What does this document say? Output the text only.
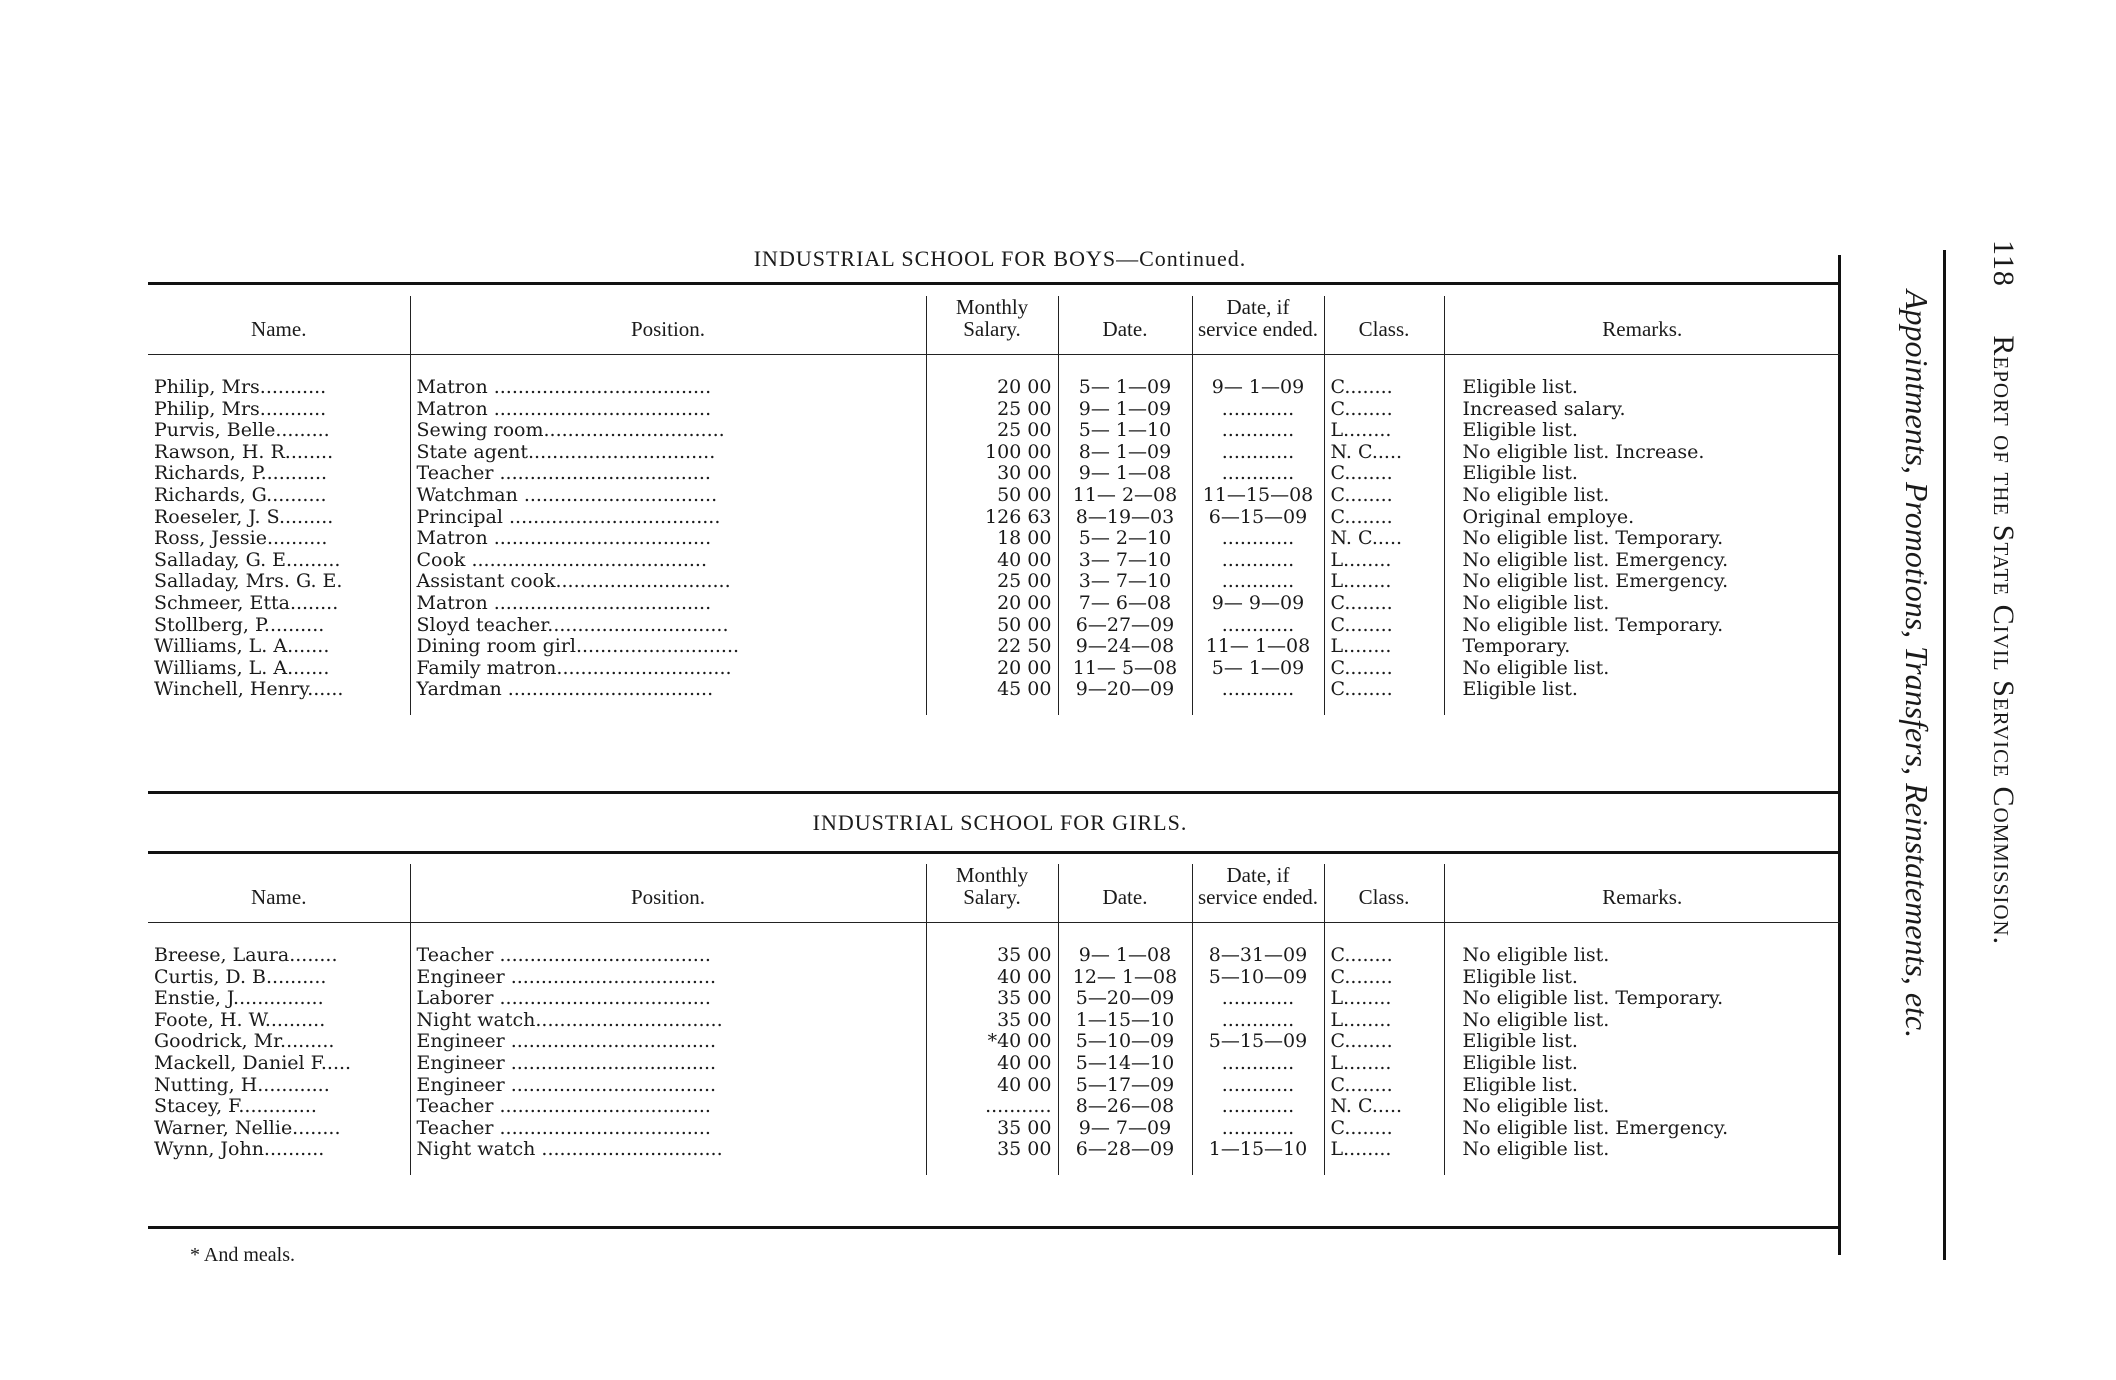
118 Report of the State Civil Service Commission.
Appointments, Promotions, Transfers, Reinstatements, etc.
INDUSTRIAL SCHOOL FOR BOYS—Continued.
Name.	Position.	Monthly Salary.	Date.	Date, if service ended.	Class.	Remarks.
Philip, Mrs...........	Matron ....................................	20 00	5— 1—09	9— 1—09	C........	Eligible list.
Philip, Mrs...........	Matron ....................................	25 00	9— 1—09	............	C........	Increased salary.
Purvis, Belle.........	Sewing room..............................	25 00	5— 1—10	............	L........	Eligible list.
Rawson, H. R........	State agent...............................	100 00	8— 1—09	............	N. C.....	No eligible list. Increase.
Richards, P...........	Teacher ...................................	30 00	9— 1—08	............	C........	Eligible list.
Richards, G..........	Watchman ................................	50 00	11— 2—08	11—15—08	C........	No eligible list.
Roeseler, J. S.........	Principal ...................................	126 63	8—19—03	6—15—09	C........	Original employe.
Ross, Jessie..........	Matron ....................................	18 00	5— 2—10	............	N. C.....	No eligible list. Temporary.
Salladay, G. E.........	Cook .......................................	40 00	3— 7—10	............	L........	No eligible list. Emergency.
Salladay, Mrs. G. E.	Assistant cook.............................	25 00	3— 7—10	............	L........	No eligible list. Emergency.
Schmeer, Etta........	Matron ....................................	20 00	7— 6—08	9— 9—09	C........	No eligible list.
Stollberg, P..........	Sloyd teacher..............................	50 00	6—27—09	............	C........	No eligible list. Temporary.
Williams, L. A.......	Dining room girl...........................	22 50	9—24—08	11— 1—08	L........	Temporary.
Williams, L. A.......	Family matron.............................	20 00	11— 5—08	5— 1—09	C........	No eligible list.
Winchell, Henry......	Yardman ..................................	45 00	9—20—09	............	C........	Eligible list.
INDUSTRIAL SCHOOL FOR GIRLS.
Name.	Position.	Monthly Salary.	Date.	Date, if service ended.	Class.	Remarks.
Breese, Laura........	Teacher ...................................	35 00	9— 1—08	8—31—09	C........	No eligible list.
Curtis, D. B..........	Engineer ..................................	40 00	12— 1—08	5—10—09	C........	Eligible list.
Enstie, J...............	Laborer ...................................	35 00	5—20—09	............	L........	No eligible list. Temporary.
Foote, H. W..........	Night watch...............................	35 00	1—15—10	............	L........	No eligible list.
Goodrick, Mr.........	Engineer ..................................	*40 00	5—10—09	5—15—09	C........	Eligible list.
Mackell, Daniel F.....	Engineer ..................................	40 00	5—14—10	............	L........	Eligible list.
Nutting, H............	Engineer ..................................	40 00	5—17—09	............	C........	Eligible list.
Stacey, F.............	Teacher ...................................	...........	8—26—08	............	N. C.....	No eligible list.
Warner, Nellie........	Teacher ...................................	35 00	9— 7—09	............	C........	No eligible list. Emergency.
Wynn, John..........	Night watch ..............................	35 00	6—28—09	1—15—10	L........	No eligible list.
* And meals.
